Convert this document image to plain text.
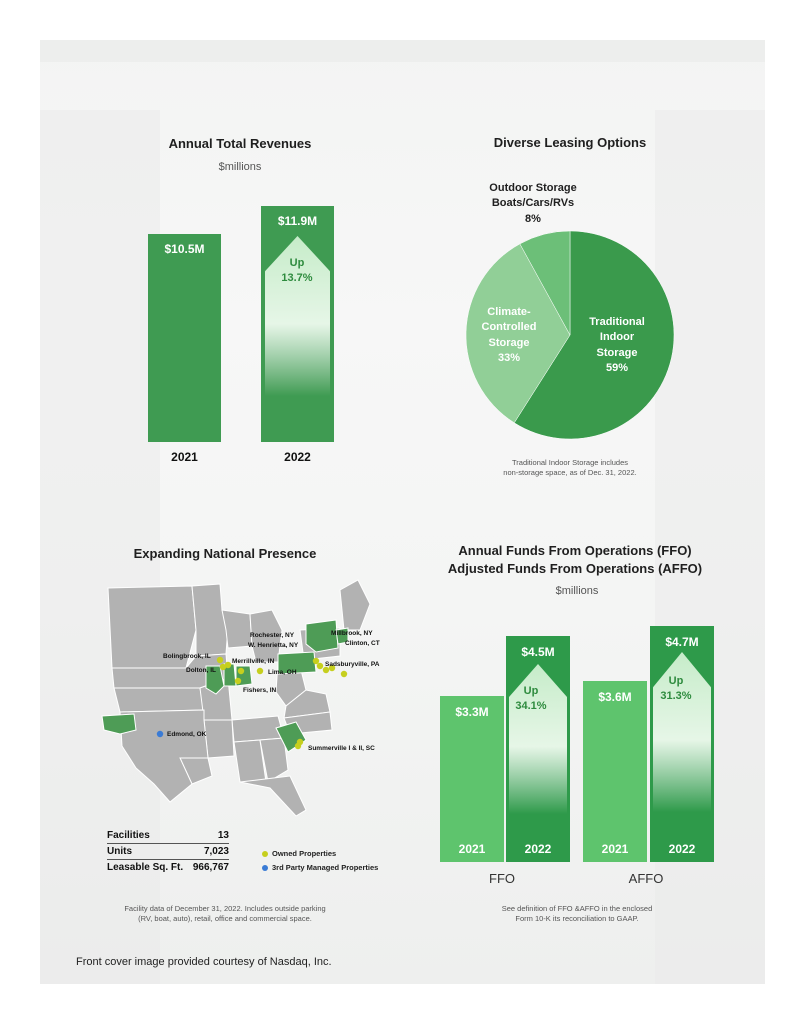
Annual Total Revenues
$millions
$10.5M
2021
$11.9M
2022
Up
13.7%
Diverse Leasing Options
Traditional
Indoor
Storage
59%
Climate-
Controlled
Storage
33%
Outdoor Storage
Boats/Cars/RVs
8%
Traditional Indoor Storage includes
non-storage space, as of Dec. 31, 2022.
Expanding National Presence
Rochester, NY
W. Henrietta, NY
Millbrook, NY
Clinton, CT
Bolingbrook, IL
Merrillville, IN
Dolton, IL	Lima, OH
Sadsburyville, PA
Fishers, IN
Edmond, OK
Summerville I & II, SC
Facilities	13
Units	7,023
Leasable Sq. Ft. 966,767
Owned Properties
3rd Party Managed Properties
Facility data of December 31, 2022. Includes outside parking
(RV, boat, auto), retail, office and commercial space.
Annual Funds From Operations (FFO)
Adjusted Funds From Operations (AFFO)
$millions
$3.3M
2021
$4.5M
2022
$3.6M
2021
$4.7M
2022
Up
34.1%
Up
31.3%
FFO	AFFO
See definition of FFO &AFFO in the enclosed
Form 10-K its reconciliation to GAAP.
Front cover image provided courtesy of Nasdaq, Inc.
